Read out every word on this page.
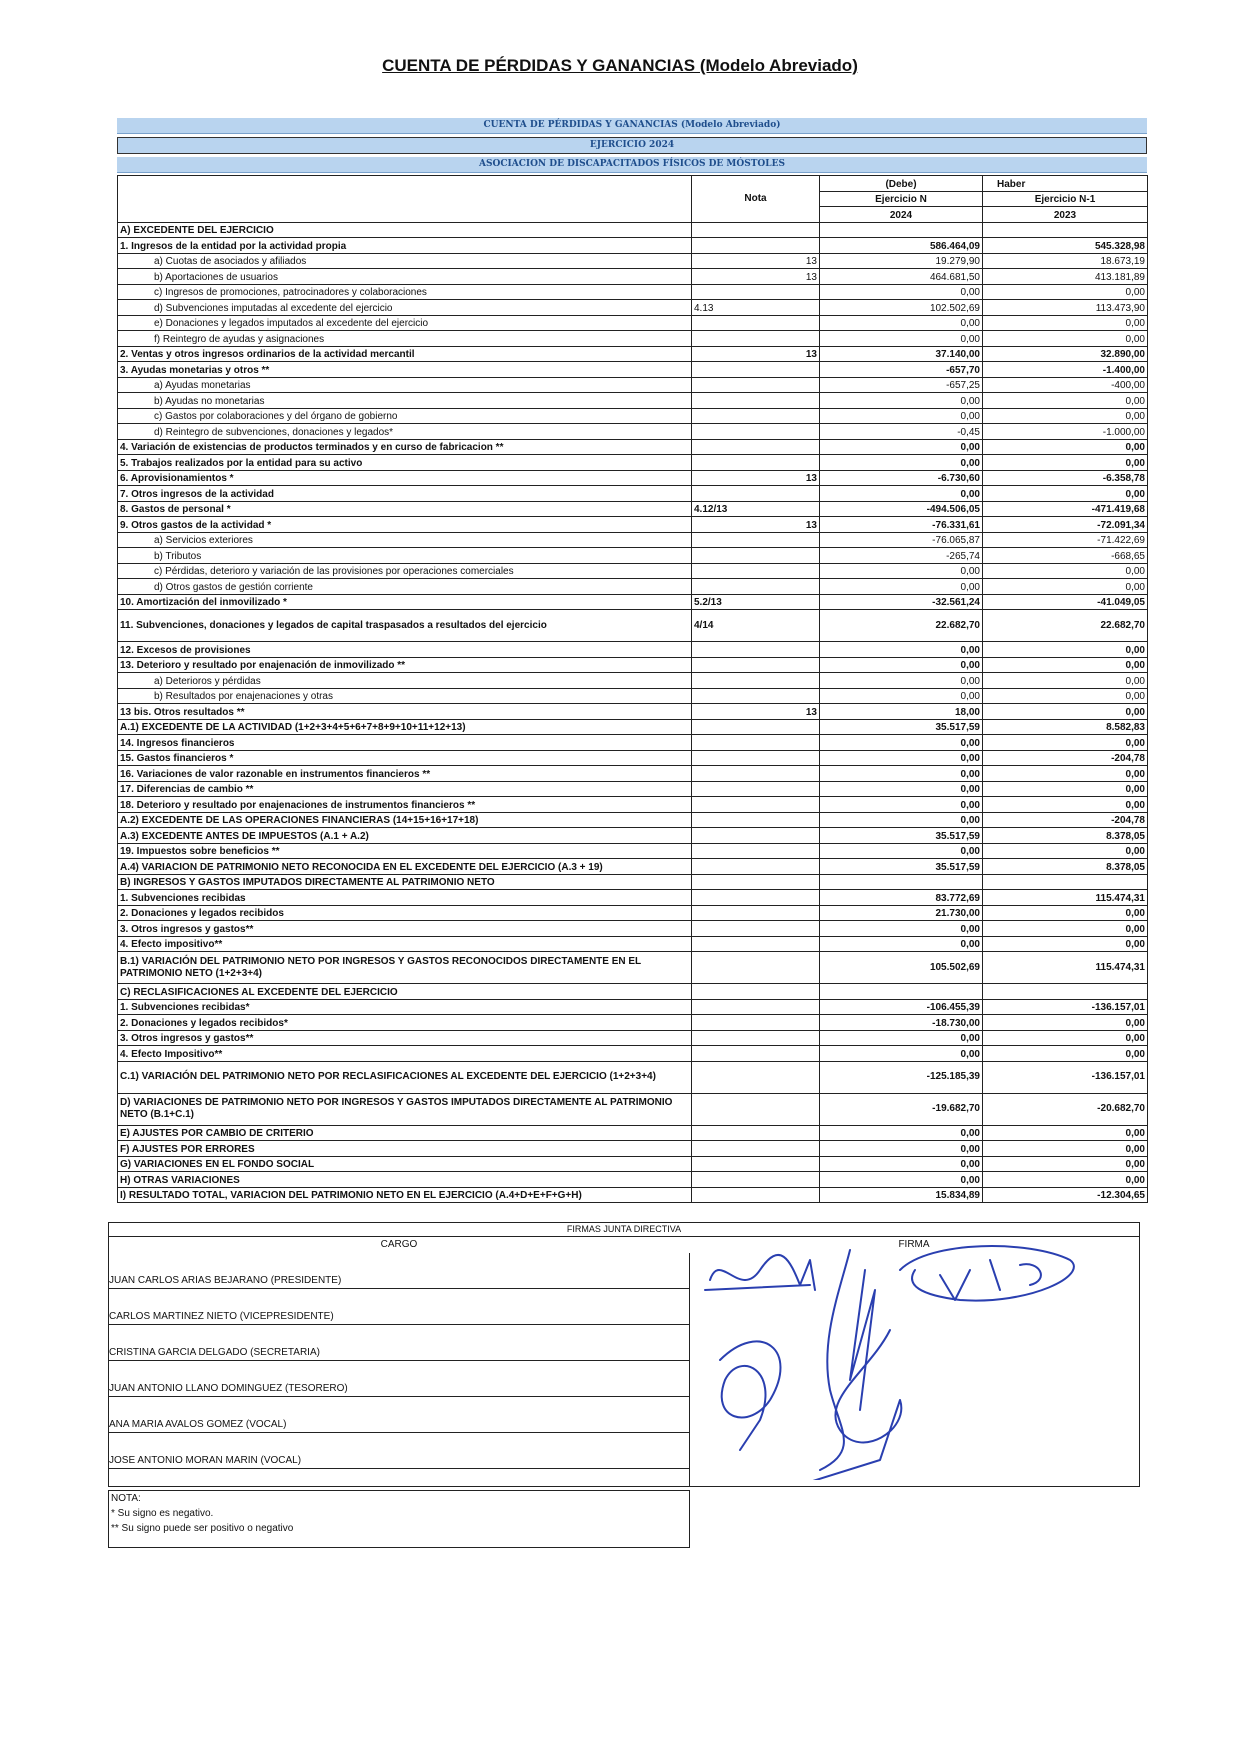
CUENTA DE PÉRDIDAS Y GANANCIAS (Modelo Abreviado)
CUENTA DE PÉRDIDAS Y GANANCIAS (Modelo Abreviado)
EJERCICIO 2024
ASOCIACION DE DISCAPACITADOS FÍSICOS DE MÓSTOLES
	Nota	(Debe)	Haber
		Ejercicio N	Ejercicio N-1
		2024	2023
A) EXCEDENTE DEL EJERCICIO			
1. Ingresos de la entidad por la actividad propia		586.464,09	545.328,98
a) Cuotas de asociados y afiliados	13	19.279,90	18.673,19
b) Aportaciones de usuarios	13	464.681,50	413.181,89
c) Ingresos de promociones, patrocinadores y colaboraciones		0,00	0,00
d) Subvenciones imputadas al excedente del ejercicio	4.13	102.502,69	113.473,90
e) Donaciones y legados imputados al excedente del ejercicio		0,00	0,00
f) Reintegro de ayudas y asignaciones		0,00	0,00
2. Ventas y otros ingresos ordinarios de la actividad mercantil	13	37.140,00	32.890,00
3. Ayudas monetarias y otros **		-657,70	-1.400,00
a) Ayudas monetarias		-657,25	-400,00
b) Ayudas no monetarias		0,00	0,00
c) Gastos por colaboraciones y del órgano de gobierno		0,00	0,00
d) Reintegro de subvenciones, donaciones y legados*		-0,45	-1.000,00
4. Variación de existencias de productos terminados y en curso de fabricacion **		0,00	0,00
5. Trabajos realizados por la entidad para su activo		0,00	0,00
6. Aprovisionamientos *	13	-6.730,60	-6.358,78
7. Otros ingresos de la actividad		0,00	0,00
8. Gastos de personal *	4.12/13	-494.506,05	-471.419,68
9. Otros gastos de la actividad *	13	-76.331,61	-72.091,34
a) Servicios exteriores		-76.065,87	-71.422,69
b) Tributos		-265,74	-668,65
c) Pérdidas, deterioro y variación de las provisiones por operaciones comerciales		0,00	0,00
d) Otros gastos de gestión corriente		0,00	0,00
10. Amortización del inmovilizado *	5.2/13	-32.561,24	-41.049,05
11. Subvenciones, donaciones y legados de capital traspasados a resultados del ejercicio	4/14	22.682,70	22.682,70
12. Excesos de provisiones		0,00	0,00
13. Deterioro y resultado por enajenación de inmovilizado **		0,00	0,00
a) Deterioros y pérdidas		0,00	0,00
b) Resultados por enajenaciones y otras		0,00	0,00
13 bis. Otros resultados **	13	18,00	0,00
A.1) EXCEDENTE DE LA ACTIVIDAD (1+2+3+4+5+6+7+8+9+10+11+12+13)		35.517,59	8.582,83
14. Ingresos financieros		0,00	0,00
15. Gastos financieros *		0,00	-204,78
16. Variaciones de valor razonable en instrumentos financieros **		0,00	0,00
17. Diferencias de cambio **		0,00	0,00
18. Deterioro y resultado por enajenaciones de instrumentos financieros **		0,00	0,00
A.2) EXCEDENTE DE LAS OPERACIONES FINANCIERAS (14+15+16+17+18)		0,00	-204,78
A.3) EXCEDENTE ANTES DE IMPUESTOS (A.1 + A.2)		35.517,59	8.378,05
19. Impuestos sobre beneficios **		0,00	0,00
A.4) VARIACION DE PATRIMONIO NETO RECONOCIDA EN EL EXCEDENTE DEL EJERCICIO (A.3 + 19)		35.517,59	8.378,05
B) INGRESOS Y GASTOS IMPUTADOS DIRECTAMENTE AL PATRIMONIO NETO			
1. Subvenciones recibidas		83.772,69	115.474,31
2. Donaciones y legados recibidos		21.730,00	0,00
3. Otros ingresos y gastos**		0,00	0,00
4. Efecto impositivo**		0,00	0,00
B.1) VARIACIÓN DEL PATRIMONIO NETO POR INGRESOS Y GASTOS RECONOCIDOS DIRECTAMENTE EN EL PATRIMONIO NETO (1+2+3+4)		105.502,69	115.474,31
C) RECLASIFICACIONES AL EXCEDENTE DEL EJERCICIO			
1. Subvenciones recibidas*		-106.455,39	-136.157,01
2. Donaciones y legados recibidos*		-18.730,00	0,00
3. Otros ingresos y gastos**		0,00	0,00
4. Efecto Impositivo**		0,00	0,00
C.1) VARIACIÓN DEL PATRIMONIO NETO POR RECLASIFICACIONES AL EXCEDENTE DEL EJERCICIO (1+2+3+4)		-125.185,39	-136.157,01
D) VARIACIONES DE PATRIMONIO NETO POR INGRESOS Y GASTOS IMPUTADOS DIRECTAMENTE AL PATRIMONIO NETO (B.1+C.1)		-19.682,70	-20.682,70
E) AJUSTES POR CAMBIO DE CRITERIO		0,00	0,00
F) AJUSTES POR ERRORES		0,00	0,00
G) VARIACIONES EN EL FONDO SOCIAL		0,00	0,00
H) OTRAS VARIACIONES		0,00	0,00
I) RESULTADO TOTAL, VARIACION DEL PATRIMONIO NETO EN EL EJERCICIO (A.4+D+E+F+G+H)		15.834,89	-12.304,65
FIRMAS JUNTA DIRECTIVA
CARGO	FIRMA
JUAN CARLOS ARIAS BEJARANO (PRESIDENTE)
CARLOS MARTINEZ NIETO (VICEPRESIDENTE)
CRISTINA GARCIA DELGADO (SECRETARIA)
JUAN ANTONIO LLANO DOMINGUEZ (TESORERO)
ANA MARIA AVALOS GOMEZ (VOCAL)
JOSE ANTONIO MORAN MARIN (VOCAL)
NOTA:
* Su signo es negativo.
** Su signo puede ser positivo o negativo
